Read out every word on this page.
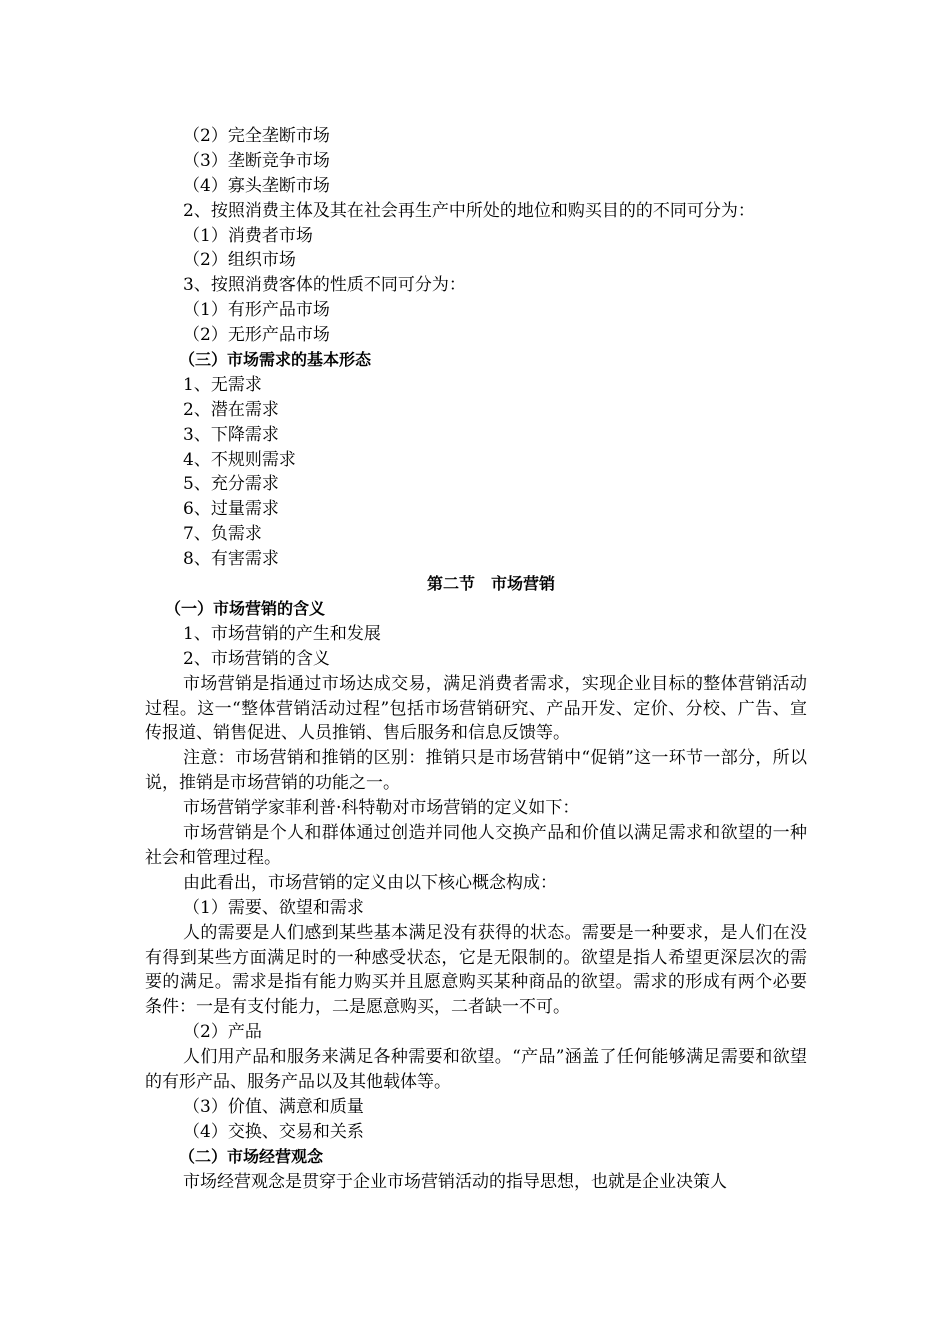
（2）完全垄断市场
（3）垄断竞争市场
（4）寡头垄断市场
2、按照消费主体及其在社会再生产中所处的地位和购买目的的不同可分为：
（1）消费者市场
（2）组织市场
3、按照消费客体的性质不同可分为：
（1）有形产品市场
（2）无形产品市场
（三）市场需求的基本形态
1、无需求
2、潜在需求
3、下降需求
4、不规则需求
5、充分需求
6、过量需求
7、负需求
8、有害需求
第二节　市场营销
（一）市场营销的含义
1、市场营销的产生和发展
2、市场营销的含义
市场营销是指通过市场达成交易，满足消费者需求，实现企业目标的整体营销活动过程。这一“整体营销活动过程”包括市场营销研究、产品开发、定价、分校、广告、宣传报道、销售促进、人员推销、售后服务和信息反馈等。
注意：市场营销和推销的区别：推销只是市场营销中“促销”这一环节一部分，所以说，推销是市场营销的功能之一。
市场营销学家菲利普·科特勒对市场营销的定义如下：
市场营销是个人和群体通过创造并同他人交换产品和价值以满足需求和欲望的一种社会和管理过程。
由此看出，市场营销的定义由以下核心概念构成：
（1）需要、欲望和需求
人的需要是人们感到某些基本满足没有获得的状态。需要是一种要求，是人们在没有得到某些方面满足时的一种感受状态，它是无限制的。欲望是指人希望更深层次的需要的满足。需求是指有能力购买并且愿意购买某种商品的欲望。需求的形成有两个必要条件：一是有支付能力，二是愿意购买，二者缺一不可。
（2）产品
人们用产品和服务来满足各种需要和欲望。“产品”涵盖了任何能够满足需要和欲望的有形产品、服务产品以及其他载体等。
（3）价值、满意和质量
（4）交换、交易和关系
（二）市场经营观念
市场经营观念是贯穿于企业市场营销活动的指导思想，也就是企业决策人
